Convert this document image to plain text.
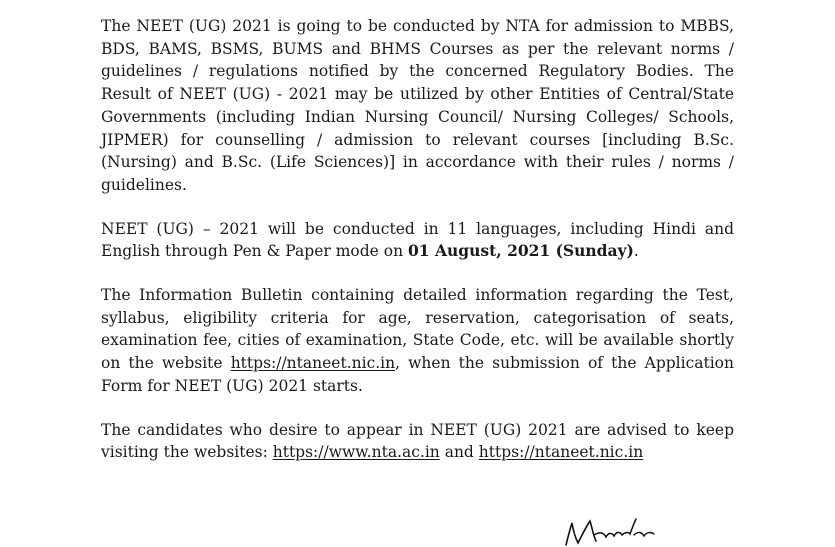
The NEET (UG) 2021 is going to be conducted by NTA for admission to MBBS, BDS, BAMS, BSMS, BUMS and BHMS Courses as per the relevant norms / guidelines / regulations notified by the concerned Regulatory Bodies. The Result of NEET (UG) - 2021 may be utilized by other Entities of Central/State Governments (including Indian Nursing Council/ Nursing Colleges/ Schools, JIPMER) for counselling / admission to relevant courses [including B.Sc. (Nursing) and B.Sc. (Life Sciences)] in accordance with their rules / norms / guidelines.

NEET (UG) – 2021 will be conducted in 11 languages, including Hindi and English through Pen & Paper mode on 01 August, 2021 (Sunday).

The Information Bulletin containing detailed information regarding the Test, syllabus, eligibility criteria for age, reservation, categorisation of seats, examination fee, cities of examination, State Code, etc. will be available shortly on the website https://ntaneet.nic.in, when the submission of the Application Form for NEET (UG) 2021 starts.

The candidates who desire to appear in NEET (UG) 2021 are advised to keep visiting the websites: https://www.nta.ac.in and https://ntaneet.nic.in
